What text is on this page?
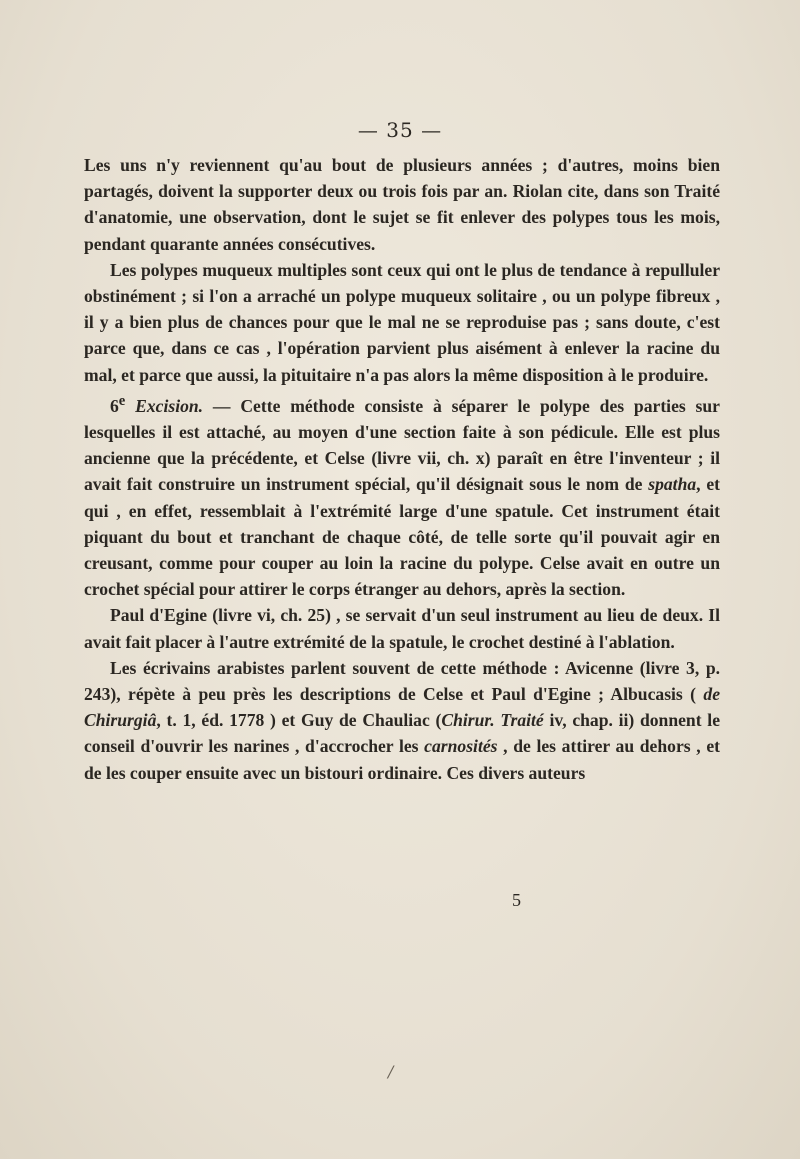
— 35 —

Les uns n'y reviennent qu'au bout de plusieurs années ; d'autres, moins bien partagés, doivent la supporter deux ou trois fois par an. Riolan cite, dans son Traité d'anatomie, une observation, dont le sujet se fit enlever des polypes tous les mois, pendant quarante années consécutives.

Les polypes muqueux multiples sont ceux qui ont le plus de tendance à repulluler obstinément ; si l'on a arraché un polype muqueux solitaire , ou un polype fibreux , il y a bien plus de chances pour que le mal ne se reproduise pas ; sans doute, c'est parce que, dans ce cas , l'opération parvient plus aisément à enlever la racine du mal, et parce que aussi, la pituitaire n'a pas alors la même disposition à le produire.

6e Excision. — Cette méthode consiste à séparer le polype des parties sur lesquelles il est attaché, au moyen d'une section faite à son pédicule. Elle est plus ancienne que la précédente, et Celse (livre vii, ch. x) paraît en être l'inventeur ; il avait fait construire un instrument spécial, qu'il désignait sous le nom de spatha, et qui , en effet, ressemblait à l'extrémité large d'une spatule. Cet instrument était piquant du bout et tranchant de chaque côté, de telle sorte qu'il pouvait agir en creusant, comme pour couper au loin la racine du polype. Celse avait en outre un crochet spécial pour attirer le corps étranger au dehors, après la section.

Paul d'Egine (livre vi, ch. 25) , se servait d'un seul instrument au lieu de deux. Il avait fait placer à l'autre extrémité de la spatule, le crochet destiné à l'ablation.

Les écrivains arabistes parlent souvent de cette méthode : Avicenne (livre 3, p. 243), répète à peu près les descriptions de Celse et Paul d'Egine ; Albucasis ( de Chirurgiâ, t. 1, éd. 1778 ) et Guy de Chauliac (Chirur. Traité iv, chap. ii) donnent le conseil d'ouvrir les narines , d'accrocher les carnosités , de les attirer au dehors , et de les couper ensuite avec un bistouri ordinaire. Ces divers auteurs

5
/
